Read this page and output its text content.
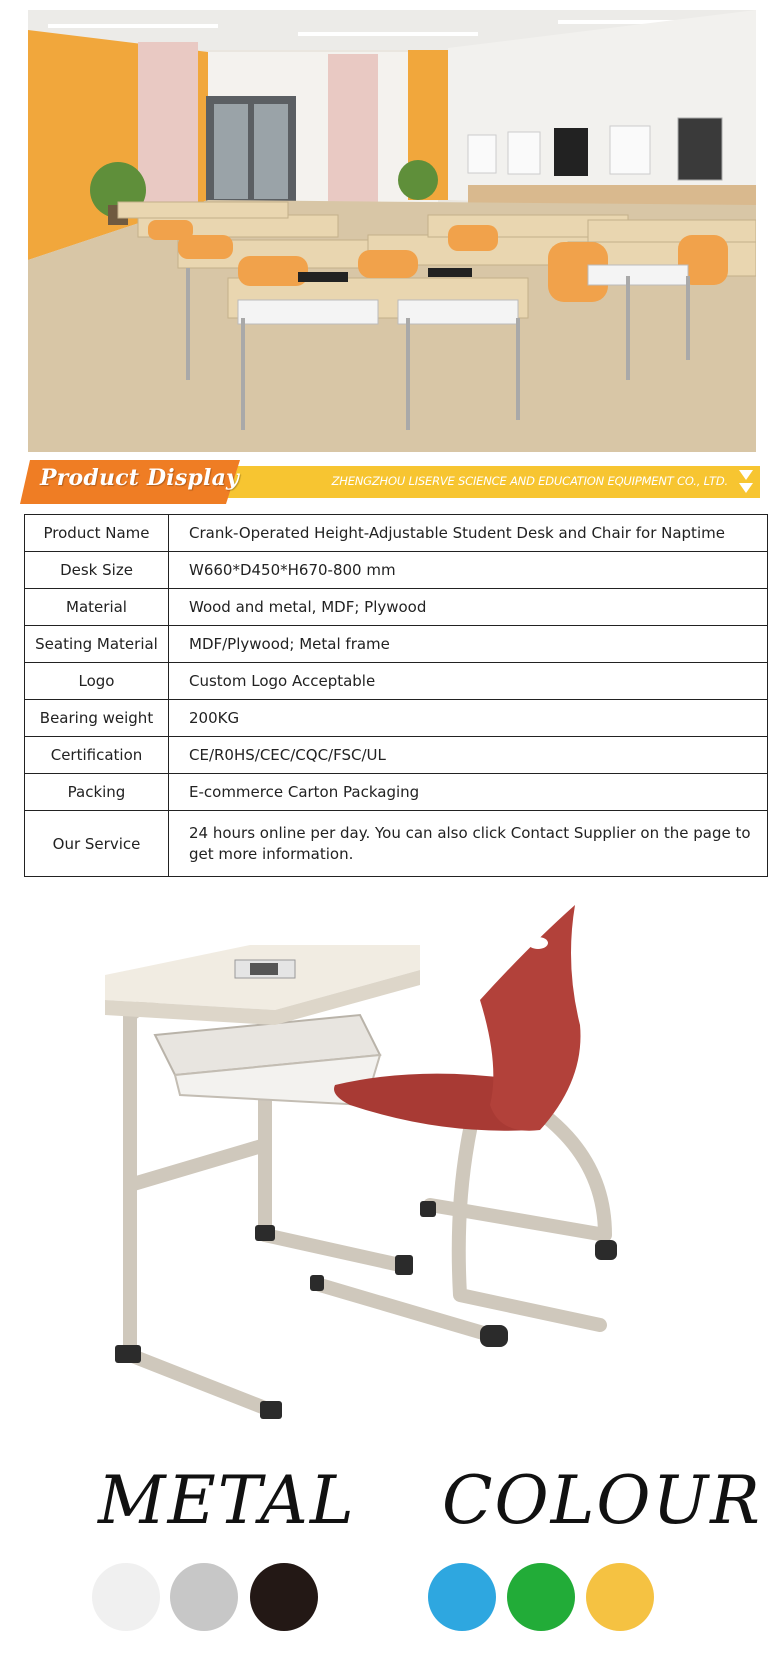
Product Display	ZHENGZHOU LISERVE SCIENCE AND EDUCATION EQUIPMENT CO., LTD.
Product Name	Crank-Operated Height-Adjustable Student Desk and Chair for Naptime
Desk Size	W660*D450*H670-800 mm
Material	Wood and metal, MDF; Plywood
Seating Material	MDF/Plywood; Metal frame
Logo	Custom Logo Acceptable
Bearing weight	200KG
Certification	CE/R0HS/CEC/CQC/FSC/UL
Packing	E-commerce Carton Packaging
Our Service	24 hours online per day. You can also click Contact Supplier on the page to get more information.
METAL COLOUR
